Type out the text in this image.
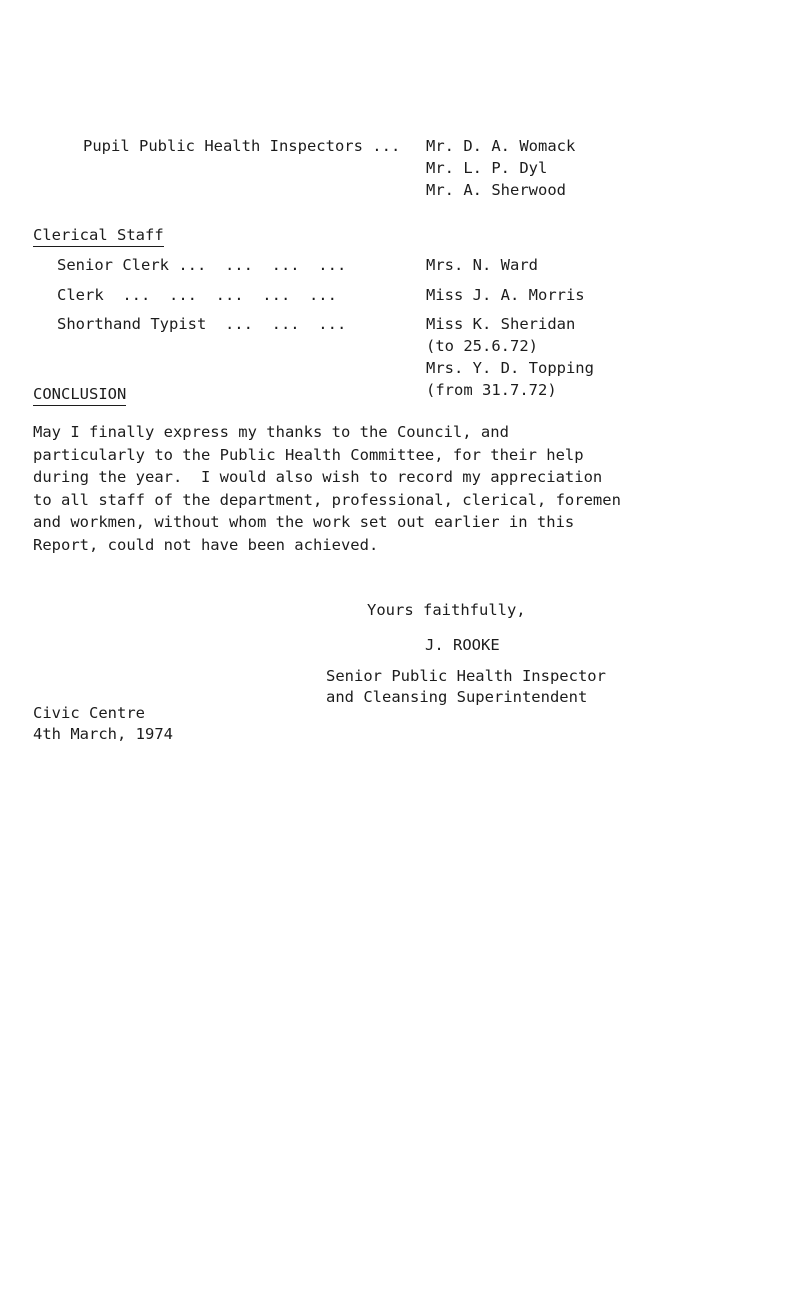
Pupil Public Health Inspectors ... Mr. D. A. Womack
Mr. L. P. Dyl
Mr. A. Sherwood
Clerical Staff
Senior Clerk ...  ...  ...  ...	Mrs. N. Ward
Clerk  ...  ...  ...  ...  ...	Miss J. A. Morris
Shorthand Typist  ...  ...  ...	Miss K. Sheridan
(to 25.6.72)
Mrs. Y. D. Topping
(from 31.7.72)
CONCLUSION
May I finally express my thanks to the Council, and
particularly to the Public Health Committee, for their help
during the year.  I would also wish to record my appreciation
to all staff of the department, professional, clerical, foremen
and workmen, without whom the work set out earlier in this
Report, could not have been achieved.
Yours faithfully,
J. ROOKE
Senior Public Health Inspector
and Cleansing Superintendent
Civic Centre
4th March, 1974
